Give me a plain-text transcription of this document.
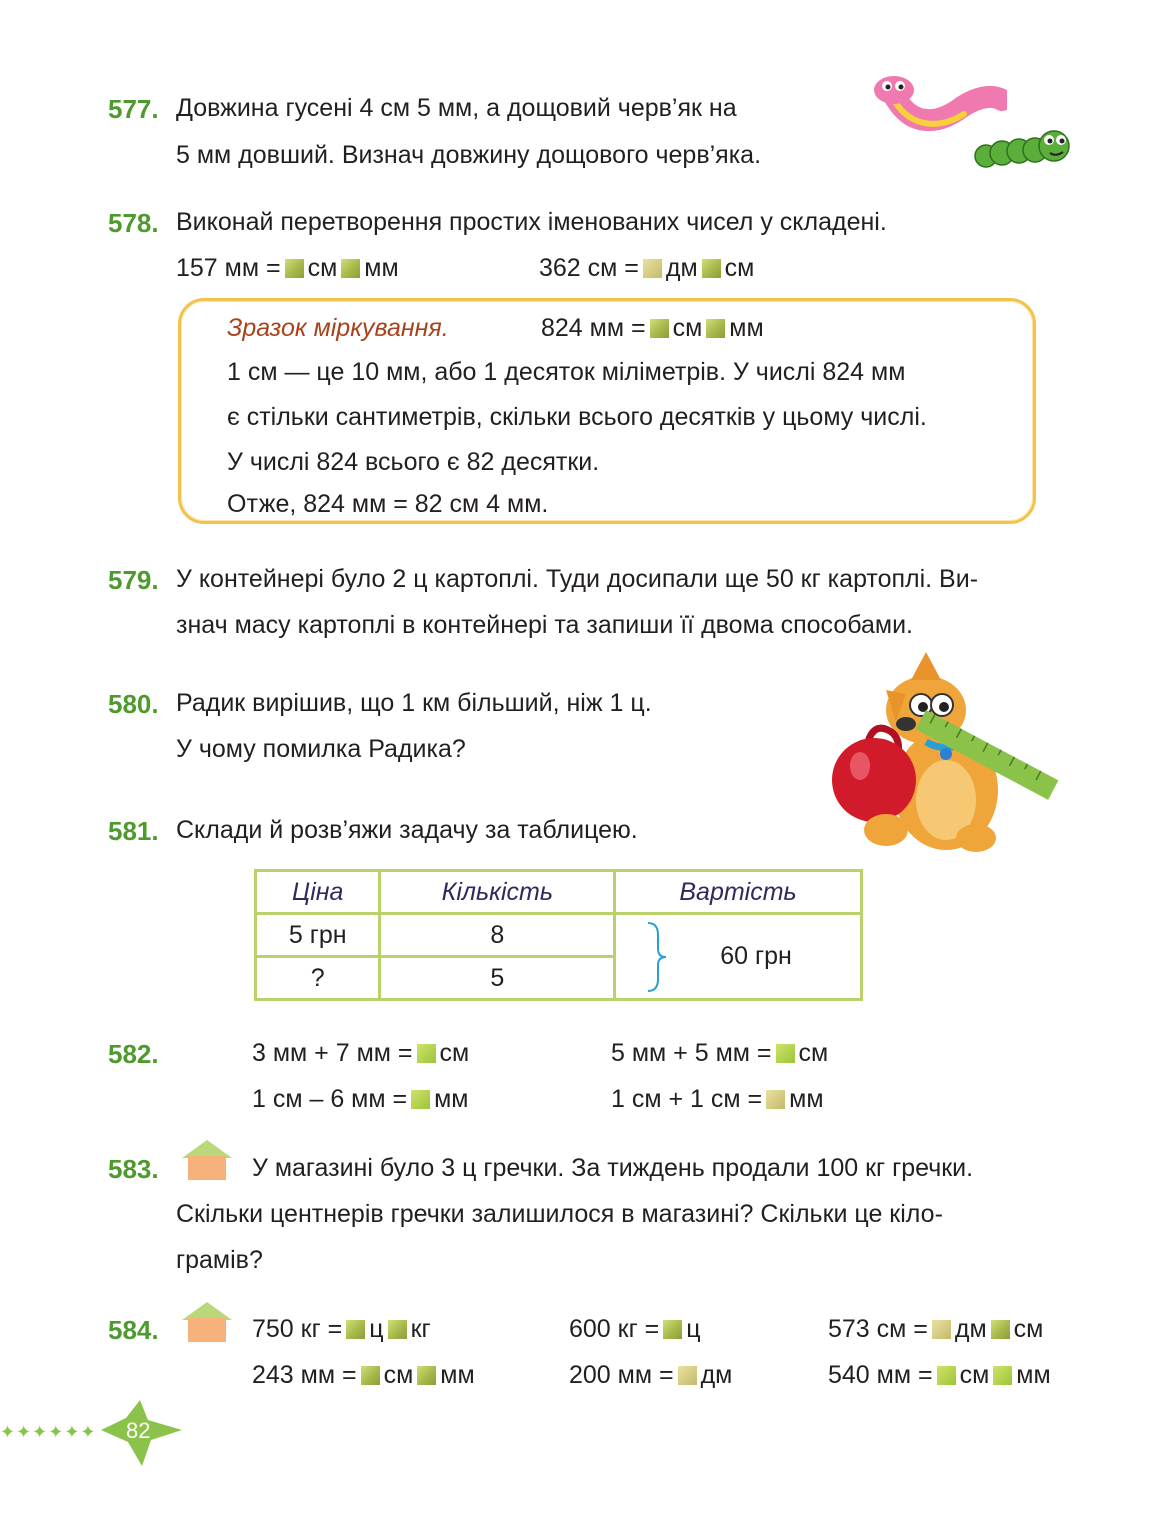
577. Довжина гусені 4 см 5 мм, а дощовий черв’як на
5 мм довший. Визнач довжину дощового черв’яка.
578. Виконай перетворення простих іменованих чисел у складені.
157 мм = см мм	362 см = дм см
Зразок міркування.	824 мм = см мм
1 см — це 10 мм, або 1 десяток міліметрів. У числі 824 мм
є стільки сантиметрів, скільки всього десятків у цьому числі.
У числі 824 всього є 82 десятки.
Отже, 824 мм = 82 см 4 мм.
579. У контейнері було 2 ц картоплі. Туди досипали ще 50 кг картоплі. Ви-
знач масу картоплі в контейнері та запиши її двома способами.
580. Радик вирішив, що 1 км більший, ніж 1 ц.
У чому помилка Радика?
581. Склади й розв’яжи задачу за таблицею.
Ціна	Кількість	Вартість
5 грн	8	60 грн
?	5	
582.	3 мм + 7 мм = см	5 мм + 5 мм = см
1 см – 6 мм = мм	1 см + 1 см = мм
583.	У магазині було 3 ц гречки. За тиждень продали 100 кг гречки.
Скільки центнерів гречки залишилося в магазині? Скільки це кіло-
грамів?
584.	750 кг = ц кг	600 кг = ц	573 см = дм см
243 мм = см мм	200 мм = дм	540 мм = см мм
✦✦✦✦✦✦ 82
